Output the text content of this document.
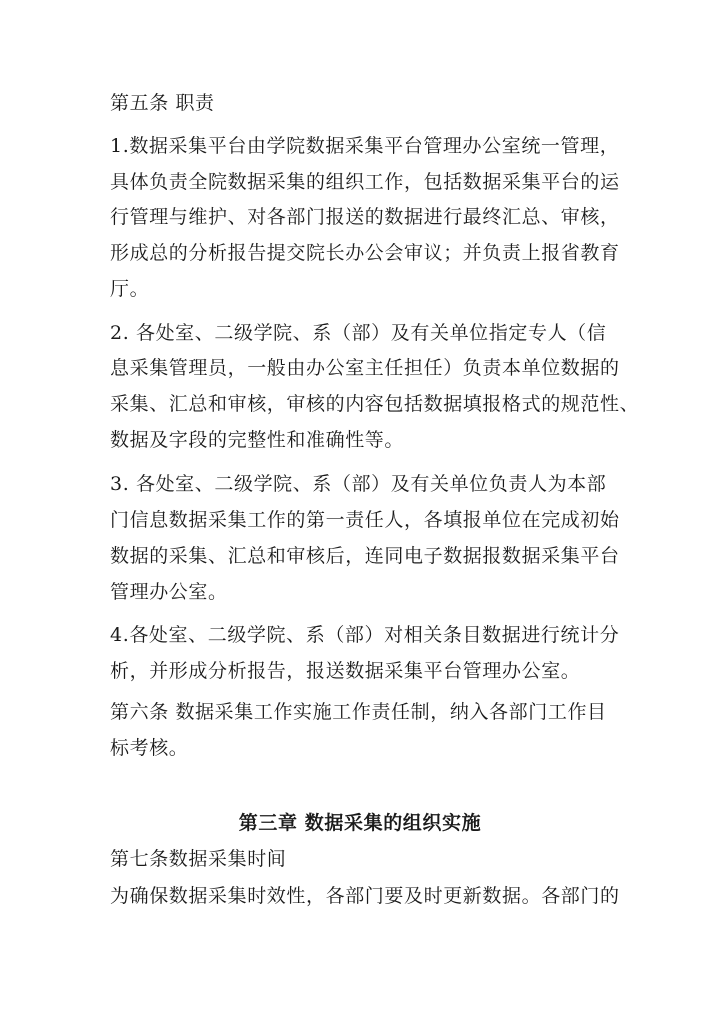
第五条 职责
1.数据采集平台由学院数据采集平台管理办公室统一管理，
具体负责全院数据采集的组织工作，包括数据采集平台的运
行管理与维护、对各部门报送的数据进行最终汇总、审核，
形成总的分析报告提交院长办公会审议；并负责上报省教育
厅。
2. 各处室、二级学院、系（部）及有关单位指定专人（信
息采集管理员，一般由办公室主任担任）负责本单位数据的
采集、汇总和审核，审核的内容包括数据填报格式的规范性、
数据及字段的完整性和准确性等。
3. 各处室、二级学院、系（部）及有关单位负责人为本部
门信息数据采集工作的第一责任人，各填报单位在完成初始
数据的采集、汇总和审核后，连同电子数据报数据采集平台
管理办公室。
4.各处室、二级学院、系（部）对相关条目数据进行统计分
析，并形成分析报告，报送数据采集平台管理办公室。
第六条 数据采集工作实施工作责任制，纳入各部门工作目
标考核。
第三章 数据采集的组织实施
第七条数据采集时间
为确保数据采集时效性，各部门要及时更新数据。各部门的
